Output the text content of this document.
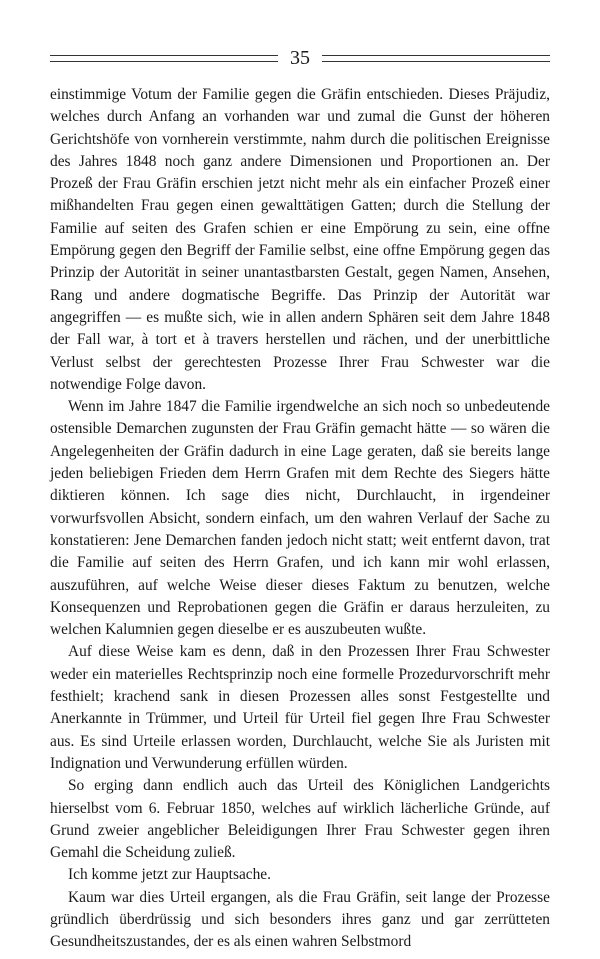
35

einstimmige Votum der Familie gegen die Gräfin entschieden. Dieses Präjudiz, welches durch Anfang an vorhanden war und zumal die Gunst der höheren Gerichtshöfe von vornherein verstimmte, nahm durch die politischen Ereignisse des Jahres 1848 noch ganz andere Dimensionen und Proportionen an. Der Prozeß der Frau Gräfin erschien jetzt nicht mehr als ein einfacher Prozeß einer mißhandelten Frau gegen einen gewalttätigen Gatten; durch die Stellung der Familie auf seiten des Grafen schien er eine Empörung zu sein, eine offne Empörung gegen den Begriff der Familie selbst, eine offne Empörung gegen das Prinzip der Autorität in seiner unantastbarsten Gestalt, gegen Namen, Ansehen, Rang und andere dogmatische Begriffe. Das Prinzip der Autorität war angegriffen — es mußte sich, wie in allen andern Sphären seit dem Jahre 1848 der Fall war, à tort et à travers herstellen und rächen, und der unerbittliche Verlust selbst der gerechtesten Prozesse Ihrer Frau Schwester war die notwendige Folge davon.

Wenn im Jahre 1847 die Familie irgendwelche an sich noch so unbedeutende ostensible Demarchen zugunsten der Frau Gräfin gemacht hätte — so wären die Angelegenheiten der Gräfin dadurch in eine Lage geraten, daß sie bereits lange jeden beliebigen Frieden dem Herrn Grafen mit dem Rechte des Siegers hätte diktieren können. Ich sage dies nicht, Durchlaucht, in irgendeiner vorwurfsvollen Absicht, sondern einfach, um den wahren Verlauf der Sache zu konstatieren: Jene Demarchen fanden jedoch nicht statt; weit entfernt davon, trat die Familie auf seiten des Herrn Grafen, und ich kann mir wohl erlassen, auszuführen, auf welche Weise dieser dieses Faktum zu benutzen, welche Konsequenzen und Reprobationen gegen die Gräfin er daraus herzuleiten, zu welchen Kalumnien gegen dieselbe er es auszubeuten wußte.

Auf diese Weise kam es denn, daß in den Prozessen Ihrer Frau Schwester weder ein materielles Rechtsprinzip noch eine formelle Prozedurvorschrift mehr festhielt; krachend sank in diesen Prozessen alles sonst Festgestellte und Anerkannte in Trümmer, und Urteil für Urteil fiel gegen Ihre Frau Schwester aus. Es sind Urteile erlassen worden, Durchlaucht, welche Sie als Juristen mit Indignation und Verwunderung erfüllen würden.

So erging dann endlich auch das Urteil des Königlichen Landgerichts hierselbst vom 6. Februar 1850, welches auf wirklich lächerliche Gründe, auf Grund zweier angeblicher Beleidigungen Ihrer Frau Schwester gegen ihren Gemahl die Scheidung zuließ.

Ich komme jetzt zur Hauptsache.

Kaum war dies Urteil ergangen, als die Frau Gräfin, seit lange der Prozesse gründlich überdrüssig und sich besonders ihres ganz und gar zerrütteten Gesundheitszustandes, der es als einen wahren Selbstmord
